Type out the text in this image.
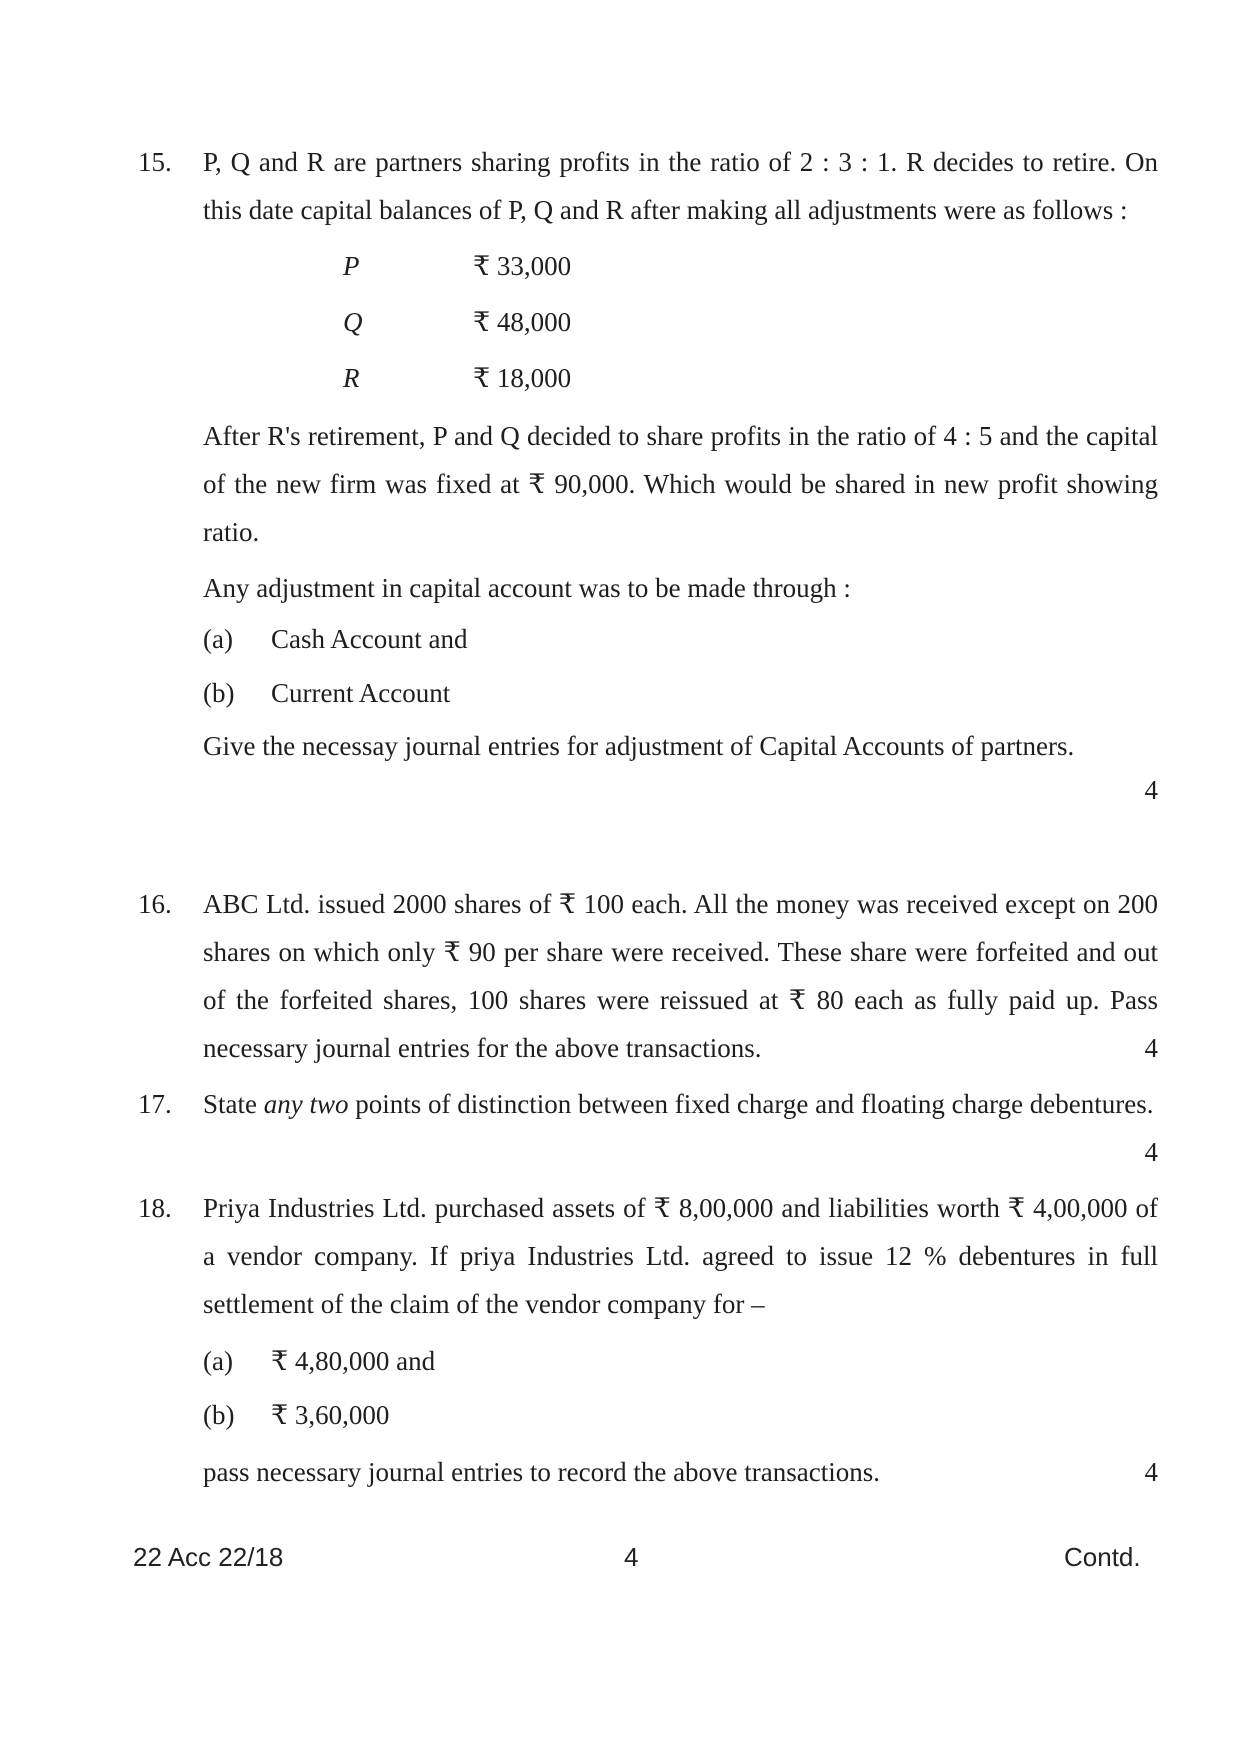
15. P, Q and R are partners sharing profits in the ratio of 2 : 3 : 1. R decides to retire. On this date capital balances of P, Q and R after making all adjustments were as follows :
P	₹ 33,000
Q	₹ 48,000
R	₹ 18,000
After R's retirement, P and Q decided to share profits in the ratio of 4 : 5 and the capital of the new firm was fixed at ₹ 90,000. Which would be shared in new profit showing ratio.
Any adjustment in capital account was to be made through :
(a)	Cash Account and
(b)	Current Account
Give the necessay journal entries for adjustment of Capital Accounts of partners.
4
16. ABC Ltd. issued 2000 shares of ₹ 100 each. All the money was received except on 200 shares on which only ₹ 90 per share were received. These share were forfeited and out of the forfeited shares, 100 shares were reissued at ₹ 80 each as fully paid up. Pass necessary journal entries for the above transactions.	4
17. State any two points of distinction between fixed charge and floating charge debentures.
4
18. Priya Industries Ltd. purchased assets of ₹ 8,00,000 and liabilities worth ₹ 4,00,000 of a vendor company. If priya Industries Ltd. agreed to issue 12 % debentures in full settlement of the claim of the vendor company for –
(a)	₹ 4,80,000 and
(b)	₹ 3,60,000
pass necessary journal entries to record the above transactions.	4
22 Acc 22/18	4	Contd.
